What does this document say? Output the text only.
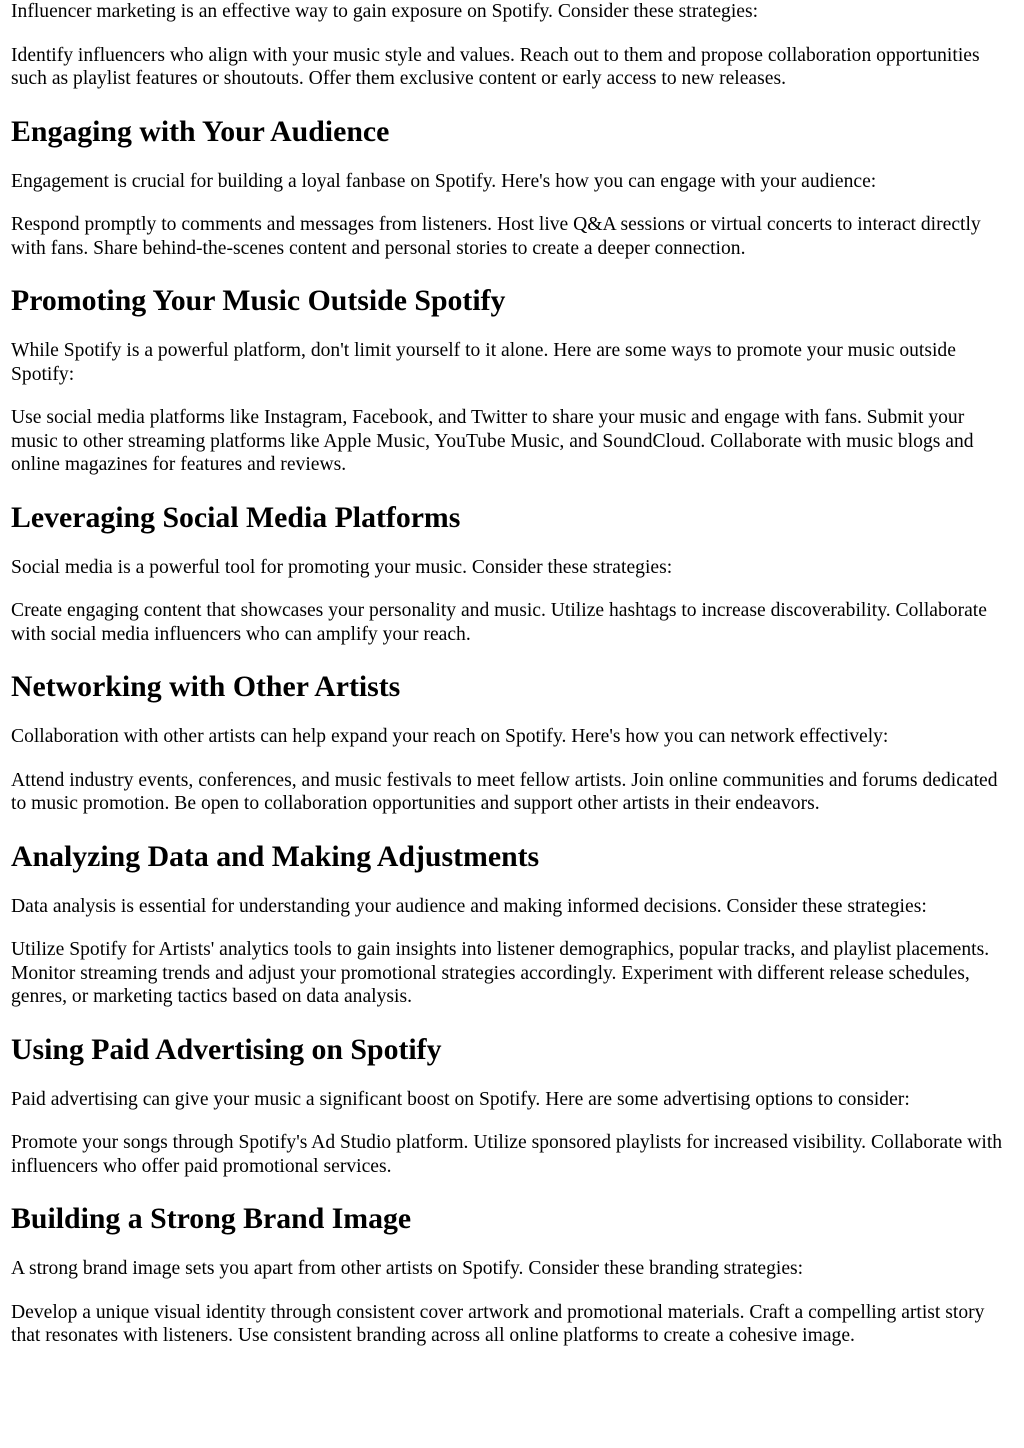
Influencer marketing is an effective way to gain exposure on Spotify. Consider these strategies:

Identify influencers who align with your music style and values. Reach out to them and propose collaboration opportunities such as playlist features or shoutouts. Offer them exclusive content or early access to new releases.

Engaging with Your Audience

Engagement is crucial for building a loyal fanbase on Spotify. Here's how you can engage with your audience:

Respond promptly to comments and messages from listeners. Host live Q&A sessions or virtual concerts to interact directly with fans. Share behind-the-scenes content and personal stories to create a deeper connection.

Promoting Your Music Outside Spotify

While Spotify is a powerful platform, don't limit yourself to it alone. Here are some ways to promote your music outside Spotify:

Use social media platforms like Instagram, Facebook, and Twitter to share your music and engage with fans. Submit your music to other streaming platforms like Apple Music, YouTube Music, and SoundCloud. Collaborate with music blogs and online magazines for features and reviews.

Leveraging Social Media Platforms

Social media is a powerful tool for promoting your music. Consider these strategies:

Create engaging content that showcases your personality and music. Utilize hashtags to increase discoverability. Collaborate with social media influencers who can amplify your reach.

Networking with Other Artists

Collaboration with other artists can help expand your reach on Spotify. Here's how you can network effectively:

Attend industry events, conferences, and music festivals to meet fellow artists. Join online communities and forums dedicated to music promotion. Be open to collaboration opportunities and support other artists in their endeavors.

Analyzing Data and Making Adjustments

Data analysis is essential for understanding your audience and making informed decisions. Consider these strategies:

Utilize Spotify for Artists' analytics tools to gain insights into listener demographics, popular tracks, and playlist placements. Monitor streaming trends and adjust your promotional strategies accordingly. Experiment with different release schedules, genres, or marketing tactics based on data analysis.

Using Paid Advertising on Spotify

Paid advertising can give your music a significant boost on Spotify. Here are some advertising options to consider:

Promote your songs through Spotify's Ad Studio platform. Utilize sponsored playlists for increased visibility. Collaborate with influencers who offer paid promotional services.

Building a Strong Brand Image

A strong brand image sets you apart from other artists on Spotify. Consider these branding strategies:

Develop a unique visual identity through consistent cover artwork and promotional materials. Craft a compelling artist story that resonates with listeners. Use consistent branding across all online platforms to create a cohesive image.
